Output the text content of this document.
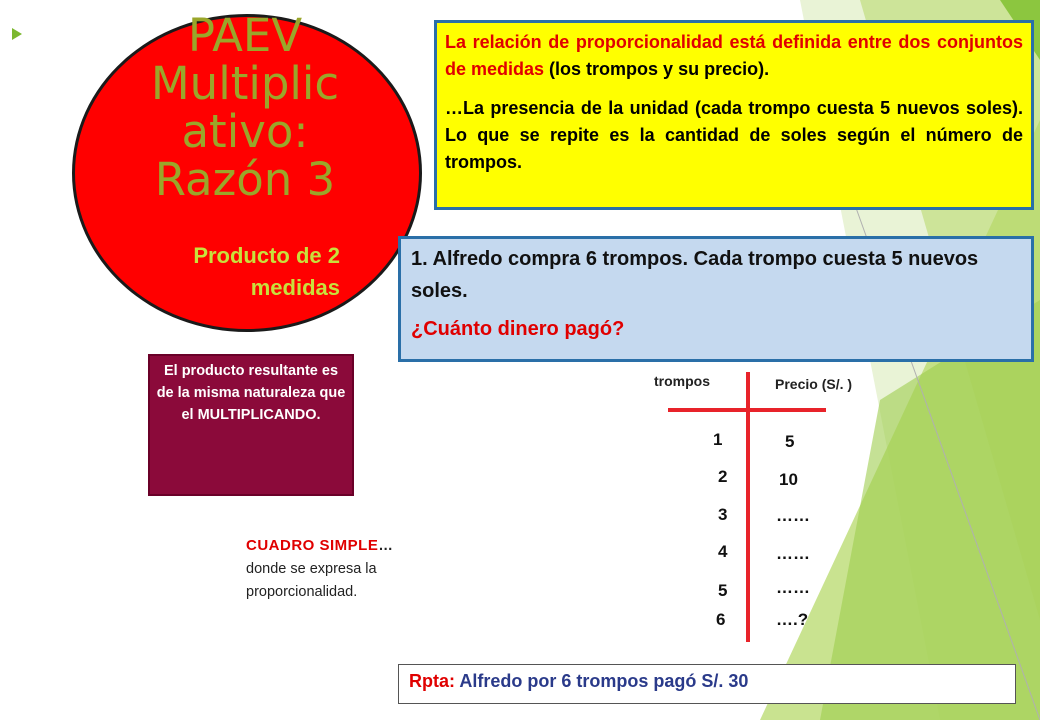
PAEV
Multiplic
ativo:
Razón 3
Producto de 2
medidas

La relación de proporcionalidad está definida entre dos conjuntos de medidas (los trompos y su precio).

…La presencia de la unidad (cada trompo cuesta 5 nuevos soles). Lo que se repite es la cantidad de soles según el número de trompos.

1. Alfredo compra 6 trompos. Cada trompo cuesta 5 nuevos soles.
¿Cuánto dinero pagó?
El producto resultante es de la misma naturaleza que el MULTIPLICANDO.
trompos	Precio (S/. )
1
2
3
4
5
6
5
10
……
……
……
….?
CUADRO SIMPLE…
donde se expresa la proporcionalidad.
Rpta: Alfredo por 6 trompos pagó S/. 30
